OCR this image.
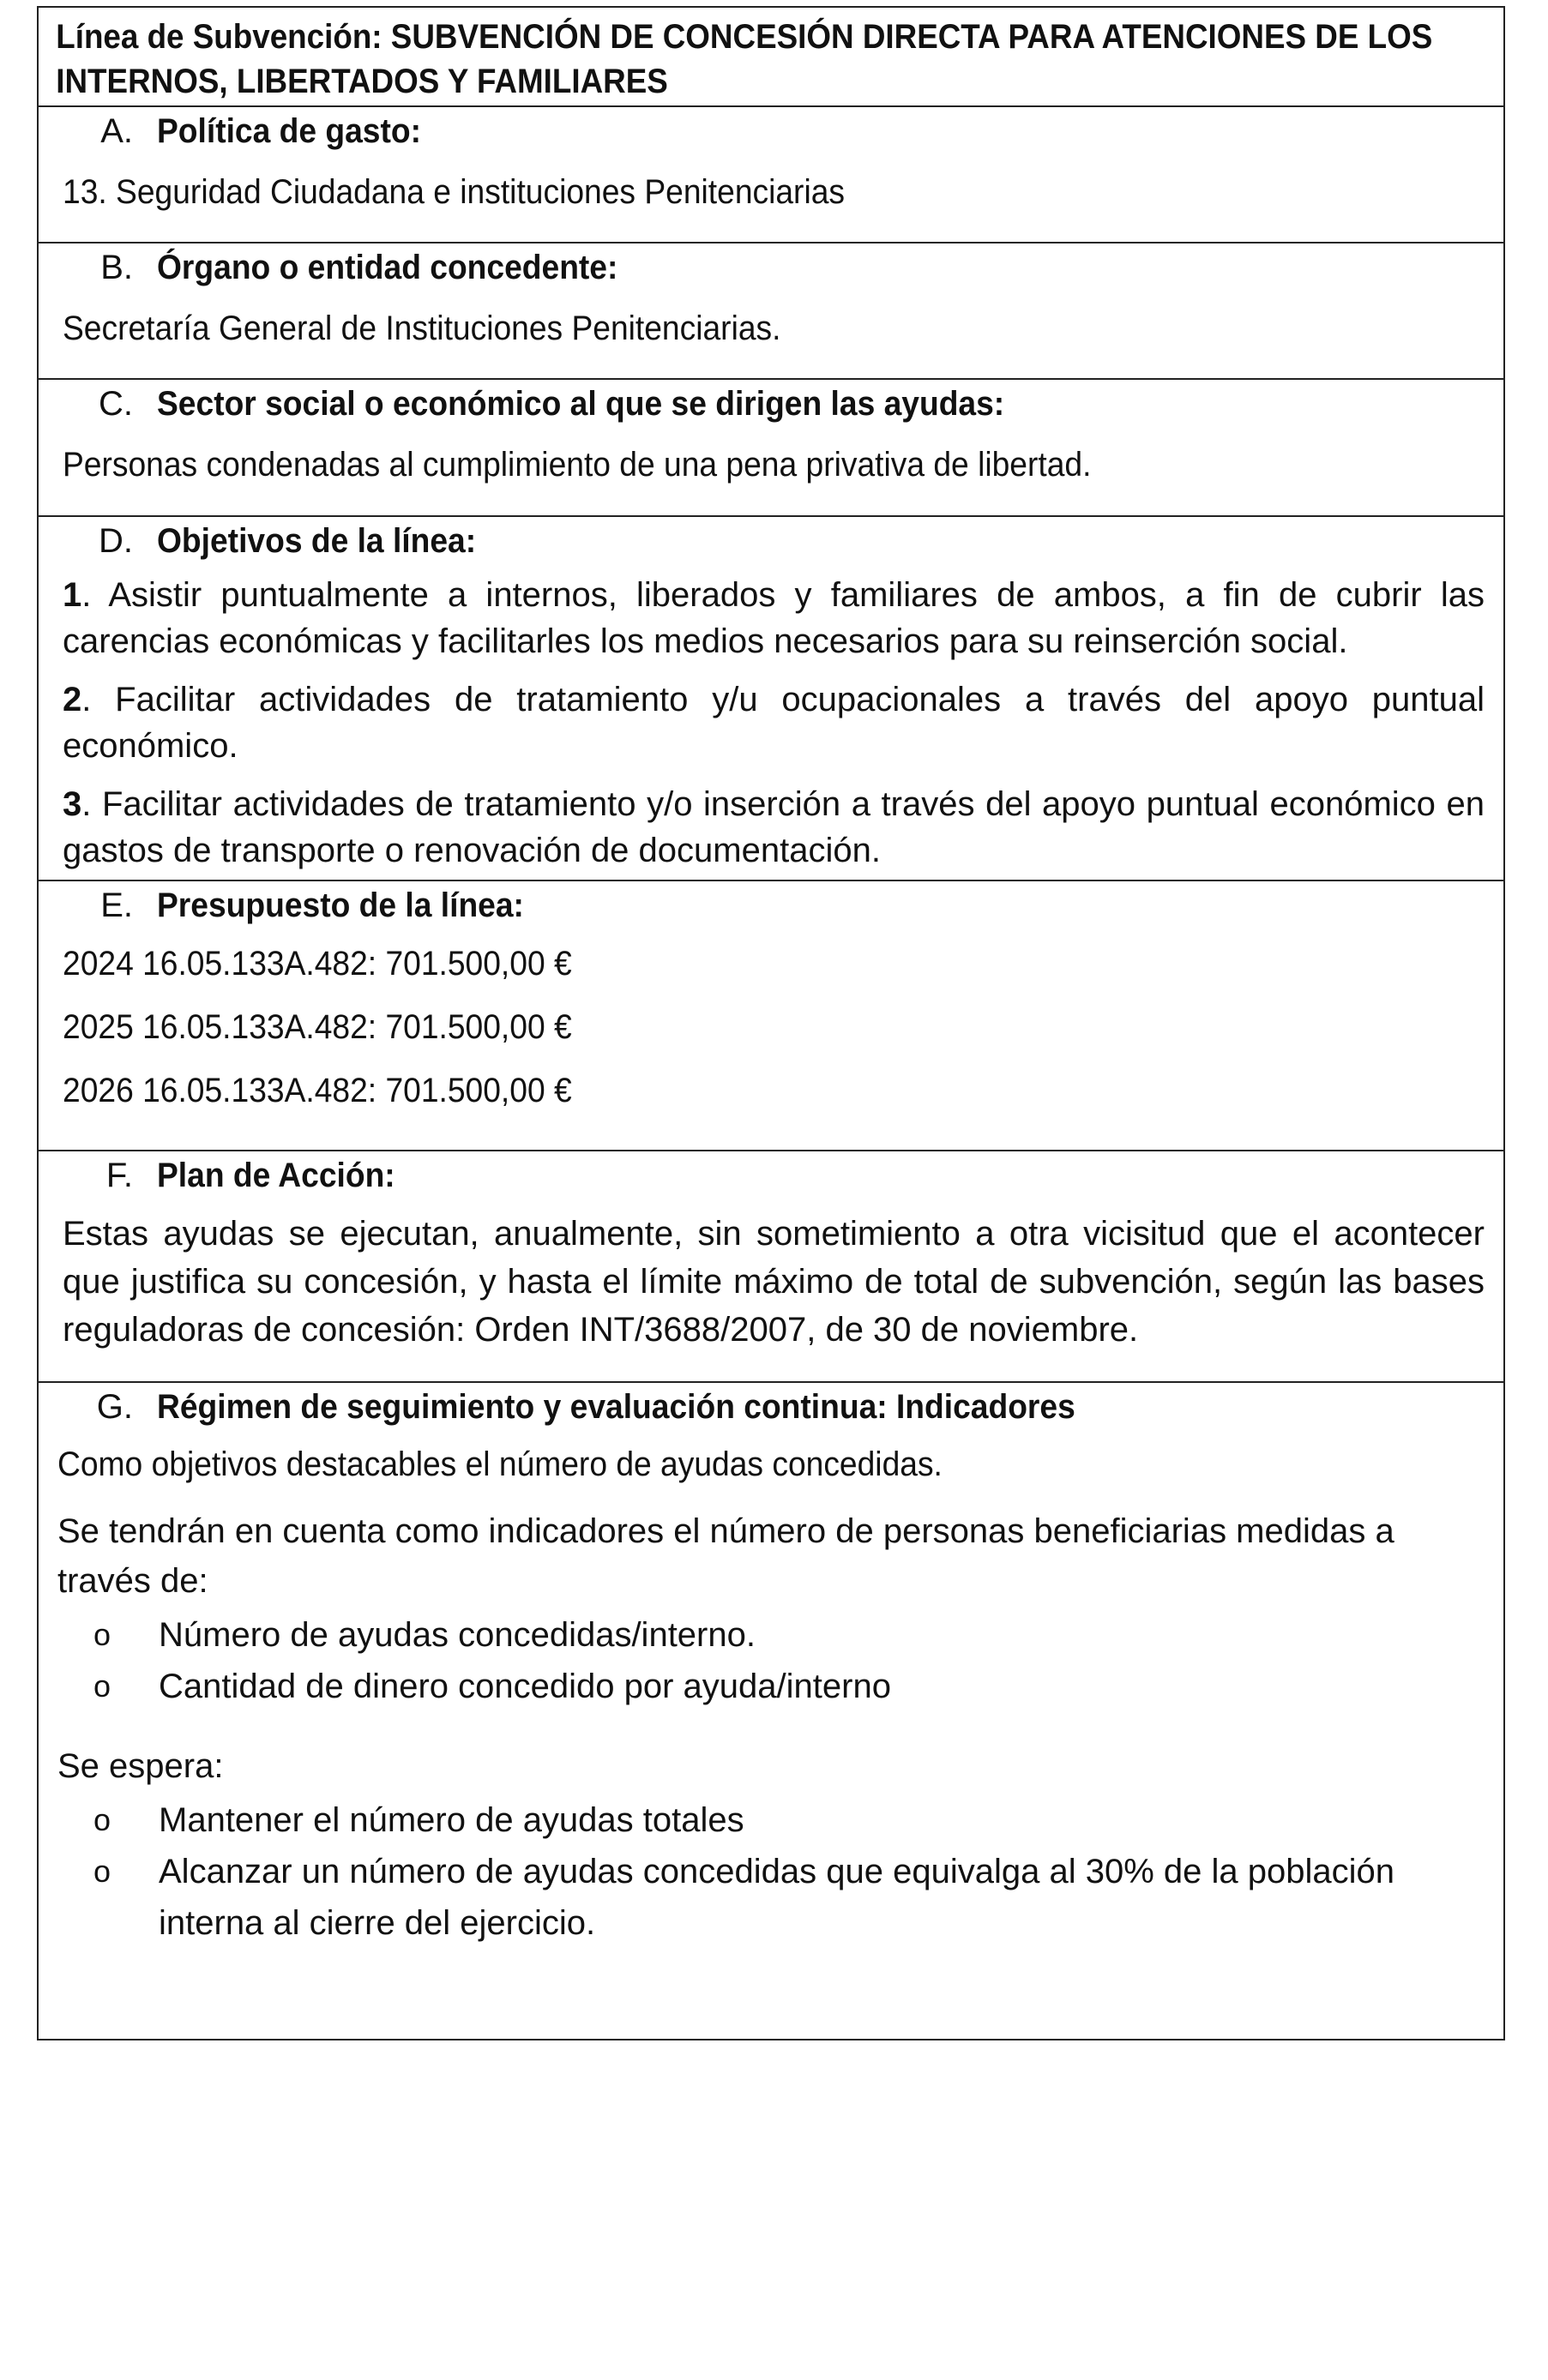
Línea de Subvención: SUBVENCIÓN DE CONCESIÓN DIRECTA PARA ATENCIONES DE LOS INTERNOS, LIBERTADOS Y FAMILIARES
A. Política de gasto:

13. Seguridad Ciudadana e instituciones Penitenciarias

B. Órgano o entidad concedente:

Secretaría General de Instituciones Penitenciarias.

C. Sector social o económico al que se dirigen las ayudas:

Personas condenadas al cumplimiento de una pena privativa de libertad.

D. Objetivos de la línea:

1. Asistir puntualmente a internos, liberados y familiares de ambos, a fin de cubrir las carencias económicas y facilitarles los medios necesarios para su reinserción social.

2. Facilitar actividades de tratamiento y/u ocupacionales a través del apoyo puntual económico.

3. Facilitar actividades de tratamiento y/o inserción a través del apoyo puntual económico en gastos de transporte o renovación de documentación.

E. Presupuesto de la línea:

2024 16.05.133A.482: 701.500,00 €

2025 16.05.133A.482: 701.500,00 €

2026 16.05.133A.482: 701.500,00 €

F. Plan de Acción:

Estas ayudas se ejecutan, anualmente, sin sometimiento a otra vicisitud que el acontecer que justifica su concesión, y hasta el límite máximo de total de subvención, según las bases reguladoras de concesión: Orden INT/3688/2007, de 30 de noviembre.

G. Régimen de seguimiento y evaluación continua: Indicadores

Como objetivos destacables el número de ayudas concedidas.

Se tendrán en cuenta como indicadores el número de personas beneficiarias medidas a través de:

o Número de ayudas concedidas/interno.
o Cantidad de dinero concedido por ayuda/interno

Se espera:

o Mantener el número de ayudas totales
o Alcanzar un número de ayudas concedidas que equivalga al 30% de la población interna al cierre del ejercicio.
